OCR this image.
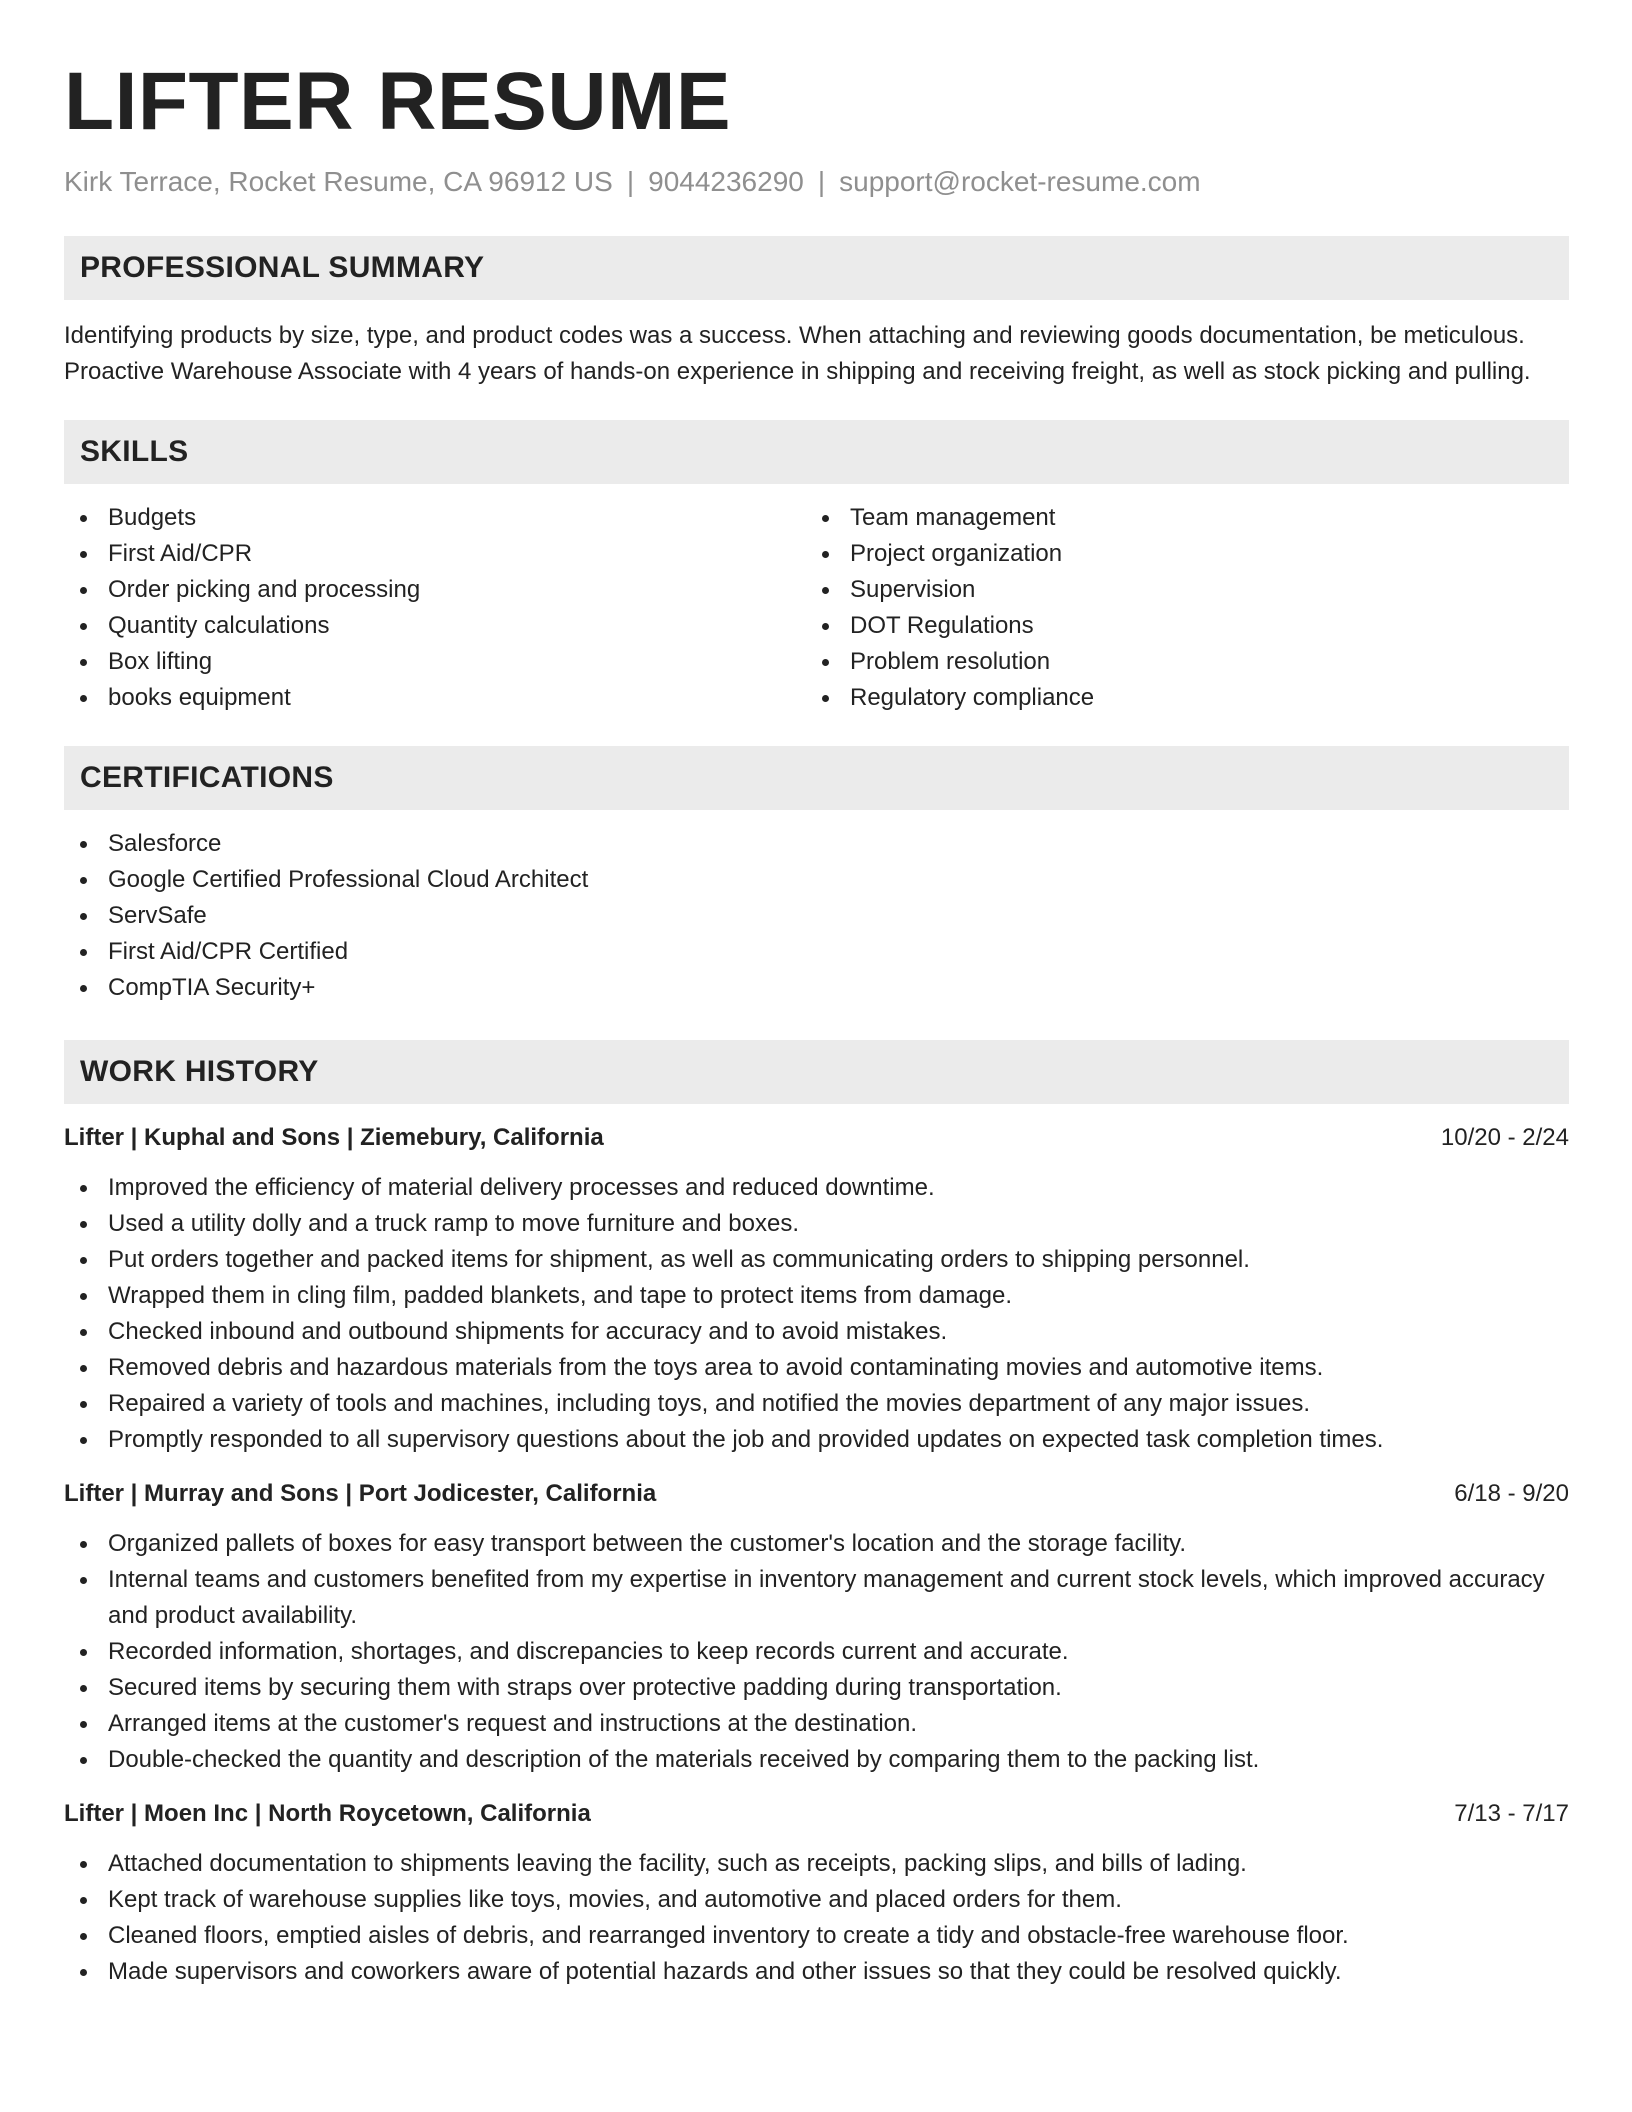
LIFTER RESUME
Kirk Terrace, Rocket Resume, CA 96912 US | 9044236290 | support@rocket-resume.com
PROFESSIONAL SUMMARY

Identifying products by size, type, and product codes was a success. When attaching and reviewing goods documentation, be meticulous. Proactive Warehouse Associate with 4 years of hands-on experience in shipping and receiving freight, as well as stock picking and pulling.

SKILLS
Budgets
First Aid/CPR
Order picking and processing
Quantity calculations
Box lifting
books equipment
Team management
Project organization
Supervision
DOT Regulations
Problem resolution
Regulatory compliance
CERTIFICATIONS
Salesforce
Google Certified Professional Cloud Architect
ServSafe
First Aid/CPR Certified
CompTIA Security+
WORK HISTORY
Lifter | Kuphal and Sons | Ziemebury, California	10/20 - 2/24
Improved the efficiency of material delivery processes and reduced downtime.
Used a utility dolly and a truck ramp to move furniture and boxes.
Put orders together and packed items for shipment, as well as communicating orders to shipping personnel.
Wrapped them in cling film, padded blankets, and tape to protect items from damage.
Checked inbound and outbound shipments for accuracy and to avoid mistakes.
Removed debris and hazardous materials from the toys area to avoid contaminating movies and automotive items.
Repaired a variety of tools and machines, including toys, and notified the movies department of any major issues.
Promptly responded to all supervisory questions about the job and provided updates on expected task completion times.
Lifter | Murray and Sons | Port Jodicester, California	6/18 - 9/20
Organized pallets of boxes for easy transport between the customer's location and the storage facility.
Internal teams and customers benefited from my expertise in inventory management and current stock levels, which improved accuracy and product availability.
Recorded information, shortages, and discrepancies to keep records current and accurate.
Secured items by securing them with straps over protective padding during transportation.
Arranged items at the customer's request and instructions at the destination.
Double-checked the quantity and description of the materials received by comparing them to the packing list.
Lifter | Moen Inc | North Roycetown, California	7/13 - 7/17
Attached documentation to shipments leaving the facility, such as receipts, packing slips, and bills of lading.
Kept track of warehouse supplies like toys, movies, and automotive and placed orders for them.
Cleaned floors, emptied aisles of debris, and rearranged inventory to create a tidy and obstacle-free warehouse floor.
Made supervisors and coworkers aware of potential hazards and other issues so that they could be resolved quickly.
